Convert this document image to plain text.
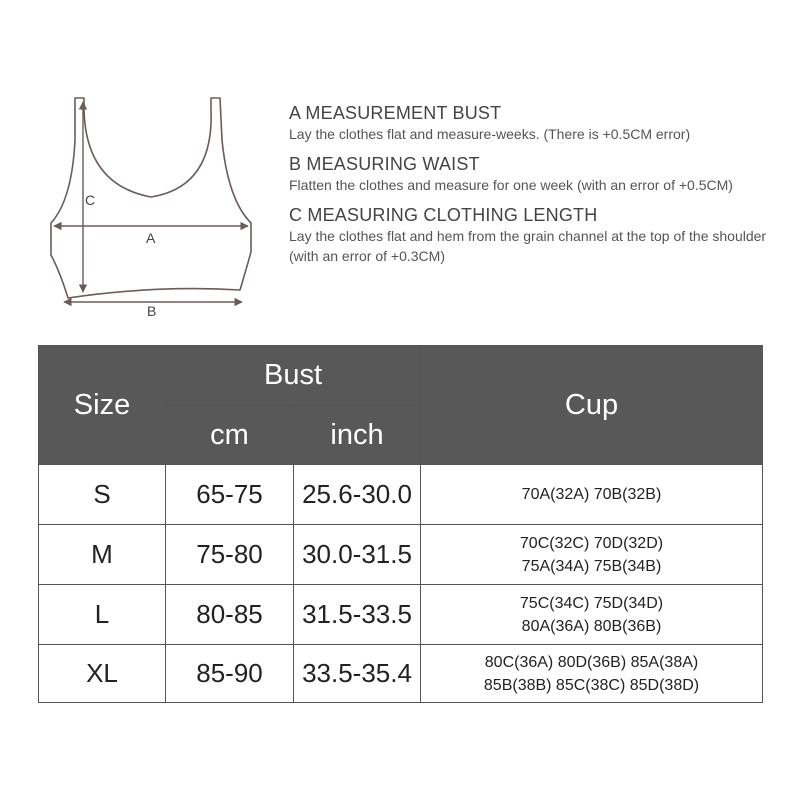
C
A
B
A MEASUREMENT BUST
Lay the clothes flat and measure-weeks. (There is +0.5CM error)
B MEASURING WAIST
Flatten the clothes and measure for one week (with an error of +0.5CM)
C MEASURING CLOTHING LENGTH
Lay the clothes flat and hem from the grain channel at the top of the shoulder (with an error of +0.3CM)
Size	Bust		Cup
	cm	inch	
S	65-75	25.6-30.0	70A(32A) 70B(32B)

M	75-80	30.0-31.5	70C(32C) 70D(32D)
75A(34A) 75B(34B)

L	80-85	31.5-33.5	75C(34C) 75D(34D)
80A(36A) 80B(36B)

XL	85-90	33.5-35.4	80C(36A) 80D(36B) 85A(38A)
85B(38B) 85C(38C) 85D(38D)
